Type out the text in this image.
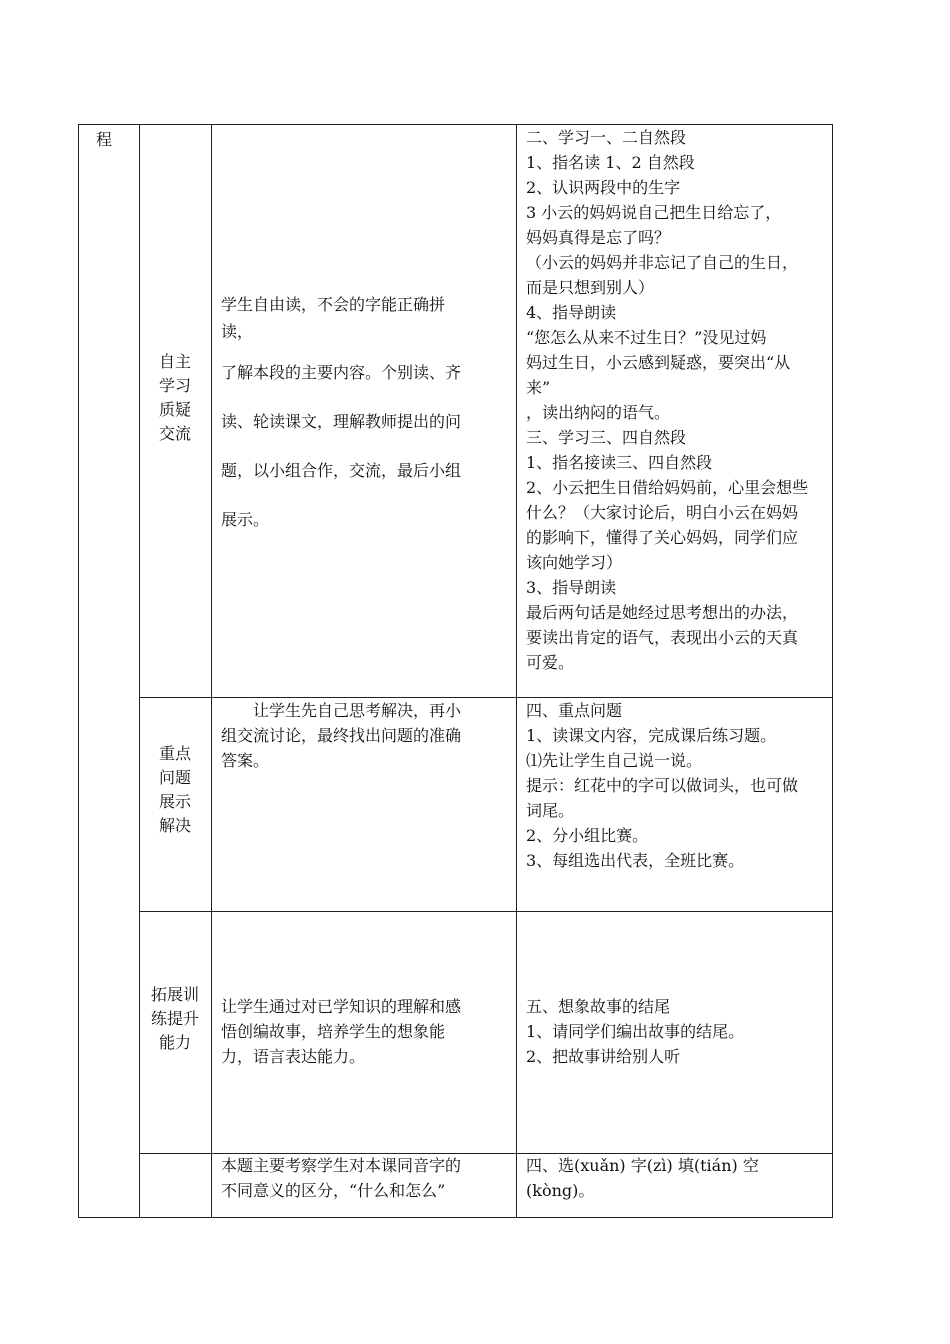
程
自主
学习
质疑
交流
学生自由读，不会的字能正确拼
读，
了解本段的主要内容。个别读、齐
读、轮读课文，理解教师提出的问
题，以小组合作，交流，最后小组
展示。
二、学习一、二自然段
1、指名读 1、2 自然段
2、认识两段中的生字
3 小云的妈妈说自己把生日给忘了，
妈妈真得是忘了吗？
（小云的妈妈并非忘记了自己的生日，
而是只想到别人）
4、指导朗读
“您怎么从来不过生日？”没见过妈
妈过生日，小云感到疑惑，要突出“从
来”
，读出纳闷的语气。
三、学习三、四自然段
1、指名接读三、四自然段
2、小云把生日借给妈妈前，心里会想些
什么？（大家讨论后，明白小云在妈妈
的影响下，懂得了关心妈妈，同学们应
该向她学习）
3、指导朗读
最后两句话是她经过思考想出的办法，
要读出肯定的语气，表现出小云的天真
可爱。
重点
问题
展示
解决
让学生先自己思考解决，再小
组交流讨论，最终找出问题的准确
答案。
四、重点问题
1、读课文内容，完成课后练习题。
⑴先让学生自己说一说。
提示：红花中的字可以做词头，也可做
词尾。
2、分小组比赛。
3、每组选出代表，全班比赛。
拓展训
练提升
能力
让学生通过对已学知识的理解和感
悟创编故事，培养学生的想象能
力，语言表达能力。
五、想象故事的结尾
1、请同学们编出故事的结尾。
2、把故事讲给别人听
本题主要考察学生对本课同音字的
不同意义的区分，“什么和怎么”
四、选(xuǎn) 字(zì) 填(tián) 空
(kòng)。
